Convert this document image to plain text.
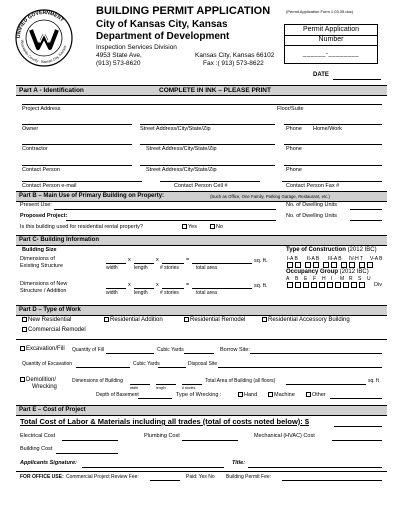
UNIFIED GOVERNMENT
Wyandotte County · Kansas City, Kansas
BUILDING PERMIT APPLICATION	(Permit Application Form 1.03.05.doc)
City of Kansas City, Kansas
Department of Development
Inspection Services Division
4953 State Ave,	Kansas City, Kansas 66102
(913) 573-8620	Fax :( 913) 573-8622
Permit Application
Number
______-________
DATE
Part A - Identification	COMPLETE IN INK – PLEASE PRINT
Project Address	Floor/Suite
Owner	Street Address/City/State/Zip	Phone Home/Work
Contractor	Street Address/City/State/Zip	Phone
Contact Person	Street Address/City/State/Zip	Phone
Contact Person e-mail	Contact Person Cell #	Contact Person Fax #
Part B – Main Use of Primary Building on Property:	(Such as Office, One Family, Parking Garage, Restaurant, etc.)
Present Use:	No. of Dwelling Units
Proposed Project:	No. of Dwelling Units
Is this building used for residential rental property?	Yes	No
Part C- Building Information
Building Size	Type of Construction (2012 IBC)
Dimensions of
Existing Structure
x	x	=	sq. ft.
width	length # stories	total area
I-A B II-A B III-A B IV-H T V-A B

Occupancy Group (2012 IBC)
A B E F H I M R S U
Div
Dimensions of New
Structure / Addition
x	x	=	sq. ft.
width	length # stories	total area
Part D – Type of Work
New Residential	Residential Addition	Residential Remodel	Residential Accessory Building
Commercial Remodel
Excavation/Fill Quantity of Fill	Cubic Yards	Borrow Site:
Quantity of Excavation	Cubic Yards	Disposal Site
Demolition/
Wrecking
Dimensions of Building
width	length	# stories
Total Area of Building (all floors)	sq. ft
Depth of Basement	Type of Wrecking :	Hand	Machine	Other
Part E – Cost of Project
Total Cost of Labor & Materials including all trades (total of costs noted below): $
Electrical Cost	Plumbing Cost	Mechanical (HVAC) Cost
Building Cost
Applicants Signature:	Title:
FOR OFFICE USE: Commercial Project Review Fee:	Paid: Yes No Building Permit Fee:
